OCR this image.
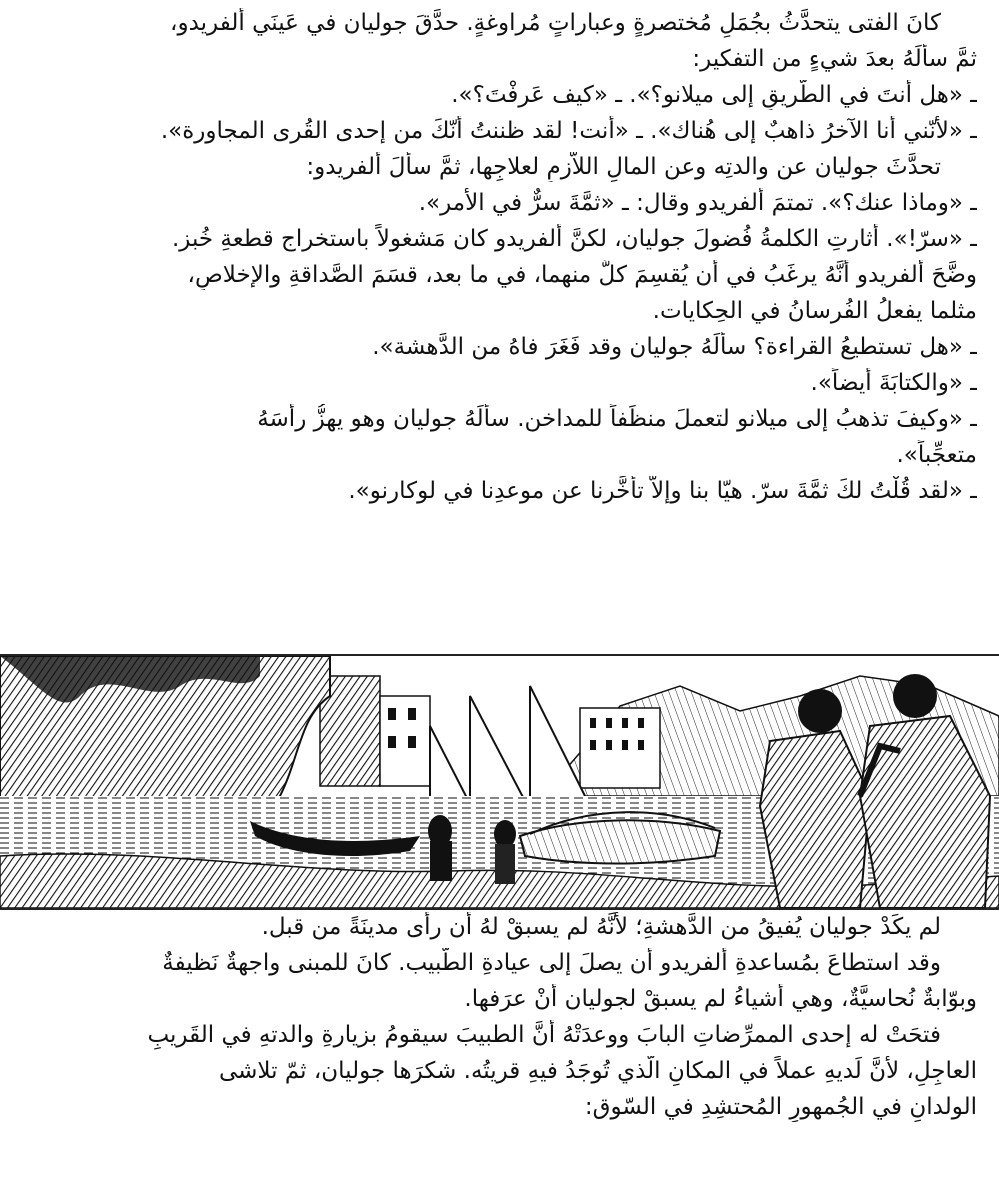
كانَ الفتى يتحدَّثُ بجُمَلٍ مُختصرةٍ وعباراتٍ مُراوغةٍ. حدَّقَ جوليان في عَينَي ألفريدو،
ثمَّ سألَهُ بعدَ شيءٍ من التفكير:
ـ «هل أنتَ في الطَّريقِ إلى ميلانو؟». ـ «كيف عَرفْتَ؟».
ـ «لأنّني أنا الآخرُ ذاهبٌ إلى هُناك». ـ «أنت! لقد ظننتُ أنّكَ من إحدى القُرى المجاورة».
تحدَّثَ جوليان عن والدتِه وعن المالِ اللاّزمِ لعلاجِها، ثمَّ سألَ ألفريدو:
ـ «وماذا عنك؟». تمتمَ ألفريدو وقال: ـ «ثمَّةَ سرٌّ في الأمر».
ـ «سرّ!». أثارتِ الكلمةُ فُضولَ جوليان، لكنَّ ألفريدو كان مَشغولاً باستخراجِ قطعةِ خُبز.
وضَّحَ ألفريدو أنَّهُ يرغَبُ في أن يُقسِمَ كلٌّ منهما، في ما بعد، قسَمَ الصَّداقةِ والإخلاصِ،
مثلما يفعلُ الفُرسانُ في الحِكايات.
ـ «هل تستطيعُ القراءة؟ سألَهُ جوليان وقد فَغَرَ فاهُ من الدَّهشة».
ـ «والكتابَةَ أيضاً».
ـ «وكيفَ تذهبُ إلى ميلانو لتعملَ منظِّفاً للمداخن. سألَهُ جوليان وهو يهزُّ رأسَهُ
متعجِّباً».
ـ «لقد قُلْتُ لكَ ثمَّةَ سرّ. هيّا بنا وإلاّ تأخَّرنا عن موعدِنا في لوكارنو».
لم يكَدْ جوليان يُفيقُ من الدَّهشةِ؛ لأنَّهُ لم يسبقْ لهُ أن رأى مدينَةً من قبل.
وقد استطاعَ بمُساعدةِ ألفريدو أن يصلَ إلى عيادةِ الطَّبيب. كانَ للمبنى واجهةٌ نَظيفةٌ
وبوّابةٌ نُحاسيَّةٌ، وهي أشياءُ لم يسبقْ لجوليان أنْ عرَفها.
فتحَتْ له إحدى الممرِّضاتِ البابَ ووعدَتْهُ أنَّ الطبيبَ سيقومُ بزيارةِ والدتهِ في القَريبِ
العاجِلِ، لأنَّ لَديهِ عملاً في المكانِ الّذي تُوجَدُ فيهِ قريتُه. شكرَها جوليان، ثمّ تلاشى
الولدانِ في الجُمهورِ المُحتشِدِ في السّوق:
